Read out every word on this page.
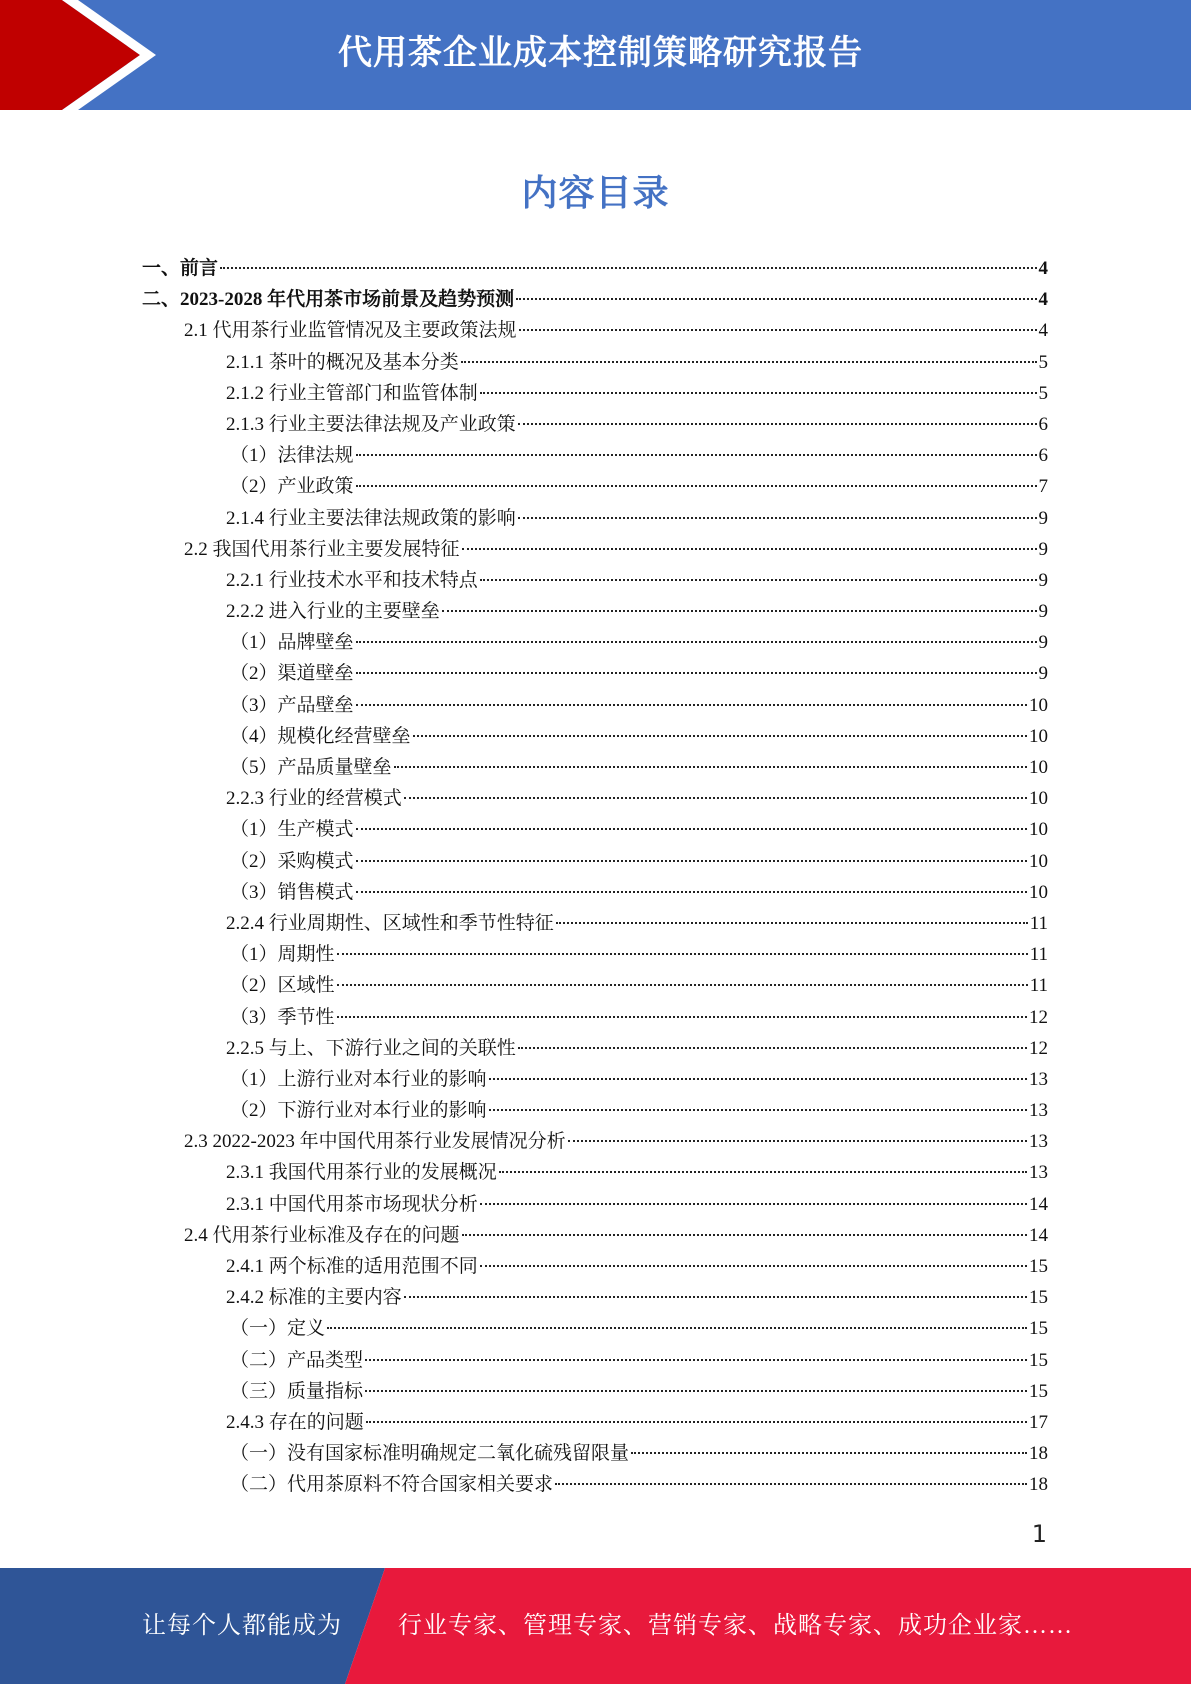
代用茶企业成本控制策略研究报告
内容目录
一、前言	4
二、2023-2028 年代用茶市场前景及趋势预测	4
2.1 代用茶行业监管情况及主要政策法规	4
2.1.1 茶叶的概况及基本分类	5
2.1.2 行业主管部门和监管体制	5
2.1.3 行业主要法律法规及产业政策	6
（1）法律法规	6
（2）产业政策	7
2.1.4 行业主要法律法规政策的影响	9
2.2 我国代用茶行业主要发展特征	9
2.2.1 行业技术水平和技术特点	9
2.2.2 进入行业的主要壁垒	9
（1）品牌壁垒	9
（2）渠道壁垒	9
（3）产品壁垒	10
（4）规模化经营壁垒	10
（5）产品质量壁垒	10
2.2.3 行业的经营模式	10
（1）生产模式	10
（2）采购模式	10
（3）销售模式	10
2.2.4 行业周期性、区域性和季节性特征	11
（1）周期性	11
（2）区域性	11
（3）季节性	12
2.2.5 与上、下游行业之间的关联性	12
（1）上游行业对本行业的影响	13
（2）下游行业对本行业的影响	13
2.3 2022-2023 年中国代用茶行业发展情况分析	13
2.3.1 我国代用茶行业的发展概况	13
2.3.1 中国代用茶市场现状分析	14
2.4 代用茶行业标准及存在的问题	14
2.4.1 两个标准的适用范围不同	15
2.4.2 标准的主要内容	15
（一）定义	15
（二）产品类型	15
（三）质量指标	15
2.4.3 存在的问题	17
（一）没有国家标准明确规定二氧化硫残留限量	18
（二）代用茶原料不符合国家相关要求	18
1
让每个人都能成为 行业专家、管理专家、营销专家、战略专家、成功企业家……
